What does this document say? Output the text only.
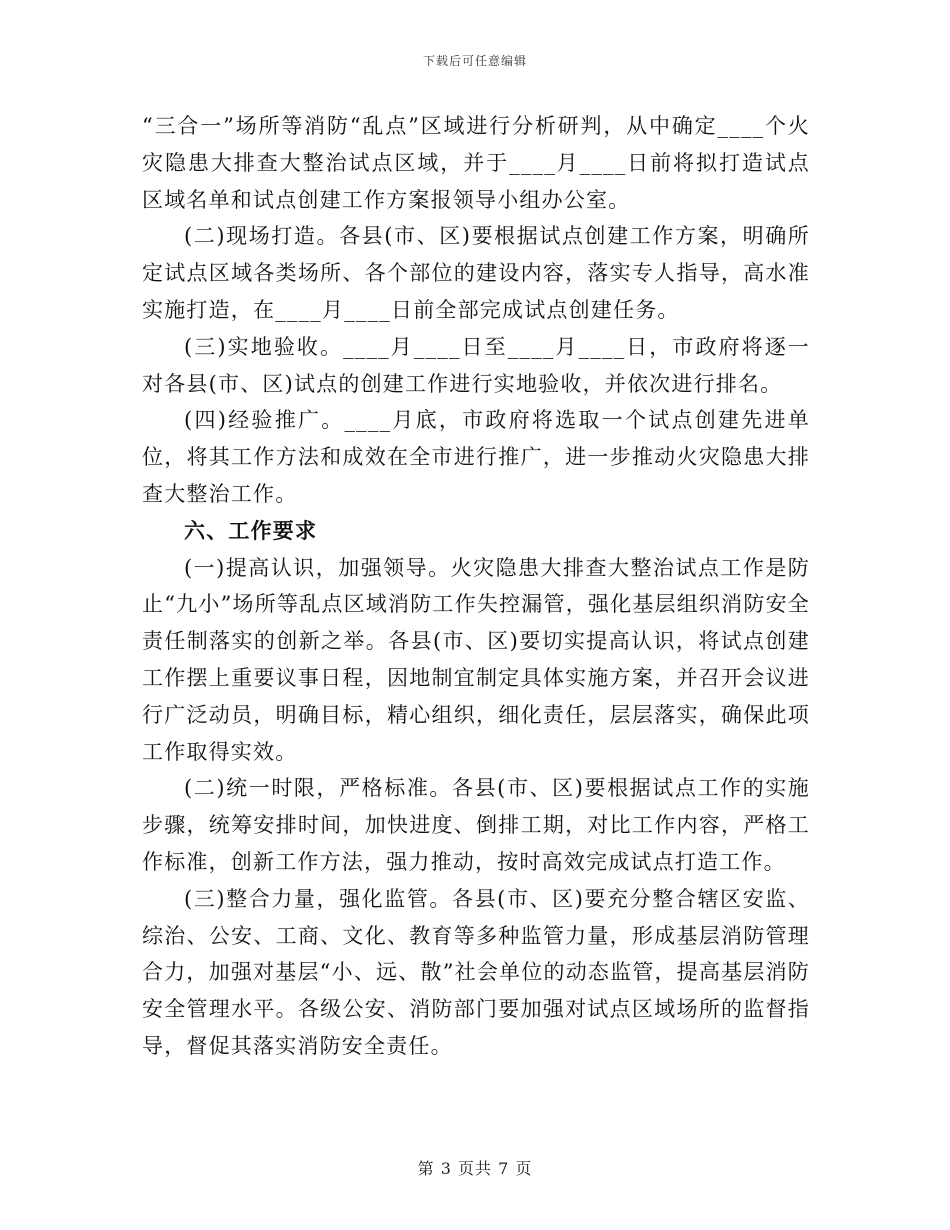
下载后可任意编辑

“三合一”场所等消防“乱点”区域进行分析研判，从中确定____个火灾隐患大排查大整治试点区域，并于____月____日前将拟打造试点区域名单和试点创建工作方案报领导小组办公室。

(二)现场打造。各县(市、区)要根据试点创建工作方案，明确所定试点区域各类场所、各个部位的建设内容，落实专人指导，高水准实施打造，在____月____日前全部完成试点创建任务。

(三)实地验收。____月____日至____月____日，市政府将逐一对各县(市、区)试点的创建工作进行实地验收，并依次进行排名。

(四)经验推广。____月底，市政府将选取一个试点创建先进单位，将其工作方法和成效在全市进行推广，进一步推动火灾隐患大排查大整治工作。

六、工作要求

(一)提高认识，加强领导。火灾隐患大排查大整治试点工作是防止“九小”场所等乱点区域消防工作失控漏管，强化基层组织消防安全责任制落实的创新之举。各县(市、区)要切实提高认识，将试点创建工作摆上重要议事日程，因地制宜制定具体实施方案，并召开会议进行广泛动员，明确目标，精心组织，细化责任，层层落实，确保此项工作取得实效。

(二)统一时限，严格标准。各县(市、区)要根据试点工作的实施步骤，统筹安排时间，加快进度、倒排工期，对比工作内容，严格工作标准，创新工作方法，强力推动，按时高效完成试点打造工作。

(三)整合力量，强化监管。各县(市、区)要充分整合辖区安监、综治、公安、工商、文化、教育等多种监管力量，形成基层消防管理合力，加强对基层“小、远、散”社会单位的动态监管，提高基层消防安全管理水平。各级公安、消防部门要加强对试点区域场所的监督指导，督促其落实消防安全责任。

第 3 页共 7 页
